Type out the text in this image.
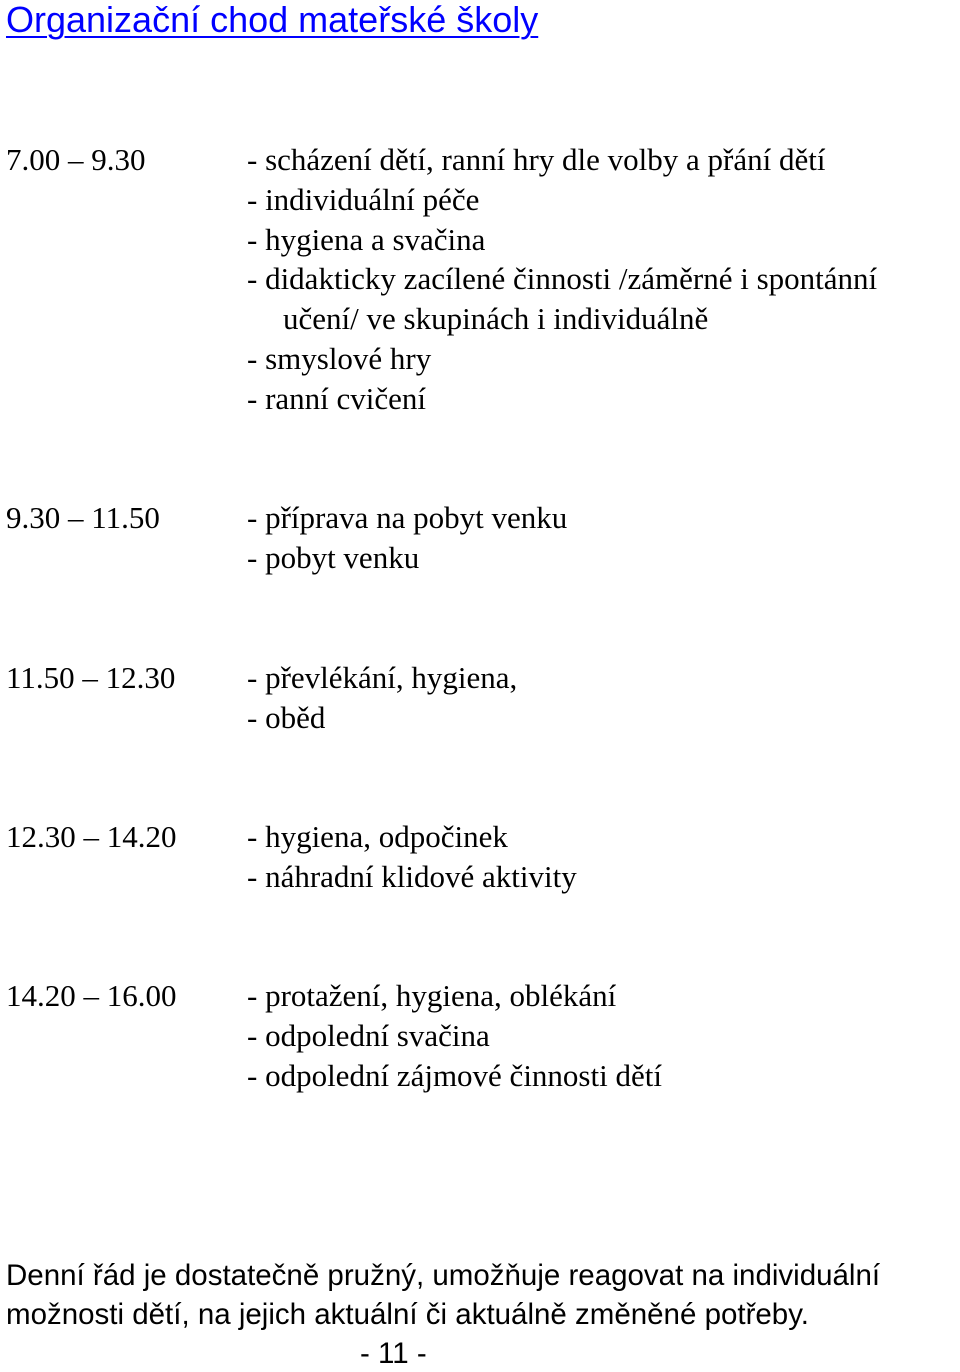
Organizační chod mateřské školy
7.00 – 9.30	- scházení dětí, ranní hry dle volby a přání dětí
- individuální péče
- hygiena a svačina
- didakticky zacílené činnosti /záměrné i spontánní
učení/ ve skupinách i individuálně
- smyslové hry
- ranní cvičení
9.30 – 11.50	- příprava na pobyt venku
- pobyt venku
11.50 – 12.30 - převlékání, hygiena,
- oběd
12.30 – 14.20 - hygiena, odpočinek
- náhradní klidové aktivity
14.20 – 16.00 - protažení, hygiena, oblékání
- odpolední svačina
- odpolední zájmové činnosti dětí
Denní řád je dostatečně pružný, umožňuje reagovat na individuální
možnosti dětí, na jejich aktuální či aktuálně změněné potřeby.
- 11 -
